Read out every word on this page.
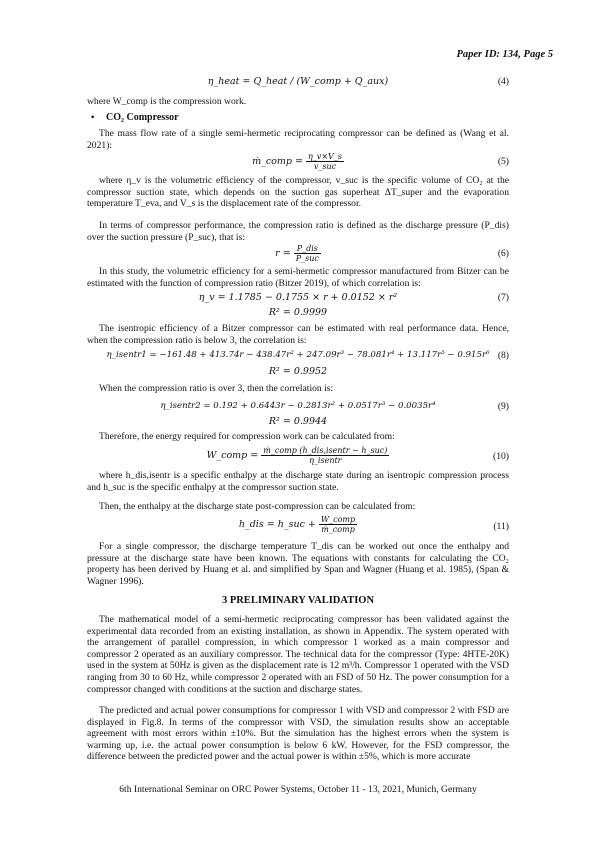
Paper ID: 134, Page 5
η_heat = Q_heat / (W_comp + Q_aux)	(4)
where W_comp is the compression work.
• CO₂ Compressor
The mass flow rate of a single semi-hermetic reciprocating compressor can be defined as (Wang et al. 2021):
ṁ_comp = $\frac{\eta\_v\times V\_s}{\text{v\_suc}}$	(5)
where η_v is the volumetric efficiency of the compressor, v_suc is the specific volume of CO₂ at the compressor suction state, which depends on the suction gas superheat ΔT_super and the evaporation temperature T_eva, and V_s is the displacement rate of the compressor.
In terms of compressor performance, the compression ratio is defined as the discharge pressure (P_dis) over the suction pressure (P_suc), that is:
$r = \frac{\text{P\_dis}}{\text{P\_suc}}$	(6)
In this study, the volumetric efficiency for a semi-hermetic compressor manufactured from Bitzer can be estimated with the function of compression ratio (Bitzer 2019), of which correlation is:
η_v = 1.1785 − 0.1755 × r + 0.0152 × r²	(7)
R² = 0.9999
The isentropic efficiency of a Bitzer compressor can be estimated with real performance data. Hence, when the compression ratio is below 3, the correlation is:
η_isentr1 = −161.48 + 413.74r − 438.47r² + 247.09r³ − 78.081r⁴ + 13.117r⁵ − 0.915r⁶ (8)
R² = 0.9952
When the compression ratio is over 3, then the correlation is:
η_isentr2 = 0.192 + 0.6443r − 0.2813r² + 0.0517r³ − 0.0035r⁴	(9)
R² = 0.9944
Therefore, the energy required for compression work can be calculated from:
W_comp = $\frac{\text{ṁ\_comp (h\_dis,isentr − h\_suc)}}{\text{η\_isentr}}$	(10)
where h_dis,isentr is a specific enthalpy at the discharge state during an isentropic compression process and h_suc is the specific enthalpy at the compressor suction state.
Then, the enthalpy at the discharge state post-compression can be calculated from:
h_dis = h_suc + $\frac{\text{W\_comp}}{\text{ṁ\_comp}}$	(11)
For a single compressor, the discharge temperature T_dis can be worked out once the enthalpy and pressure at the discharge state have been known. The equations with constants for calculating the CO₂ property has been derived by Huang et al. and simplified by Span and Wagner (Huang et al. 1985), (Span & Wagner 1996).
3 PRELIMINARY VALIDATION
The mathematical model of a semi-hermetic reciprocating compressor has been validated against the experimental data recorded from an existing installation, as shown in Appendix. The system operated with the arrangement of parallel compression, in which compressor 1 worked as a main compressor and compressor 2 operated as an auxiliary compressor. The technical data for the compressor (Type: 4HTE-20K) used in the system at 50Hz is given as the displacement rate is 12 m³/h. Compressor 1 operated with the VSD ranging from 30 to 60 Hz, while compressor 2 operated with an FSD of 50 Hz. The power consumption for a compressor changed with conditions at the suction and discharge states.
The predicted and actual power consumptions for compressor 1 with VSD and compressor 2 with FSD are displayed in Fig.8. In terms of the compressor with VSD, the simulation results show an acceptable agreement with most errors within ±10%. But the simulation has the highest errors when the system is warming up, i.e. the actual power consumption is below 6 kW. However, for the FSD compressor, the difference between the predicted power and the actual power is within ±5%, which is more accurate
6th International Seminar on ORC Power Systems, October 11 - 13, 2021, Munich, Germany
